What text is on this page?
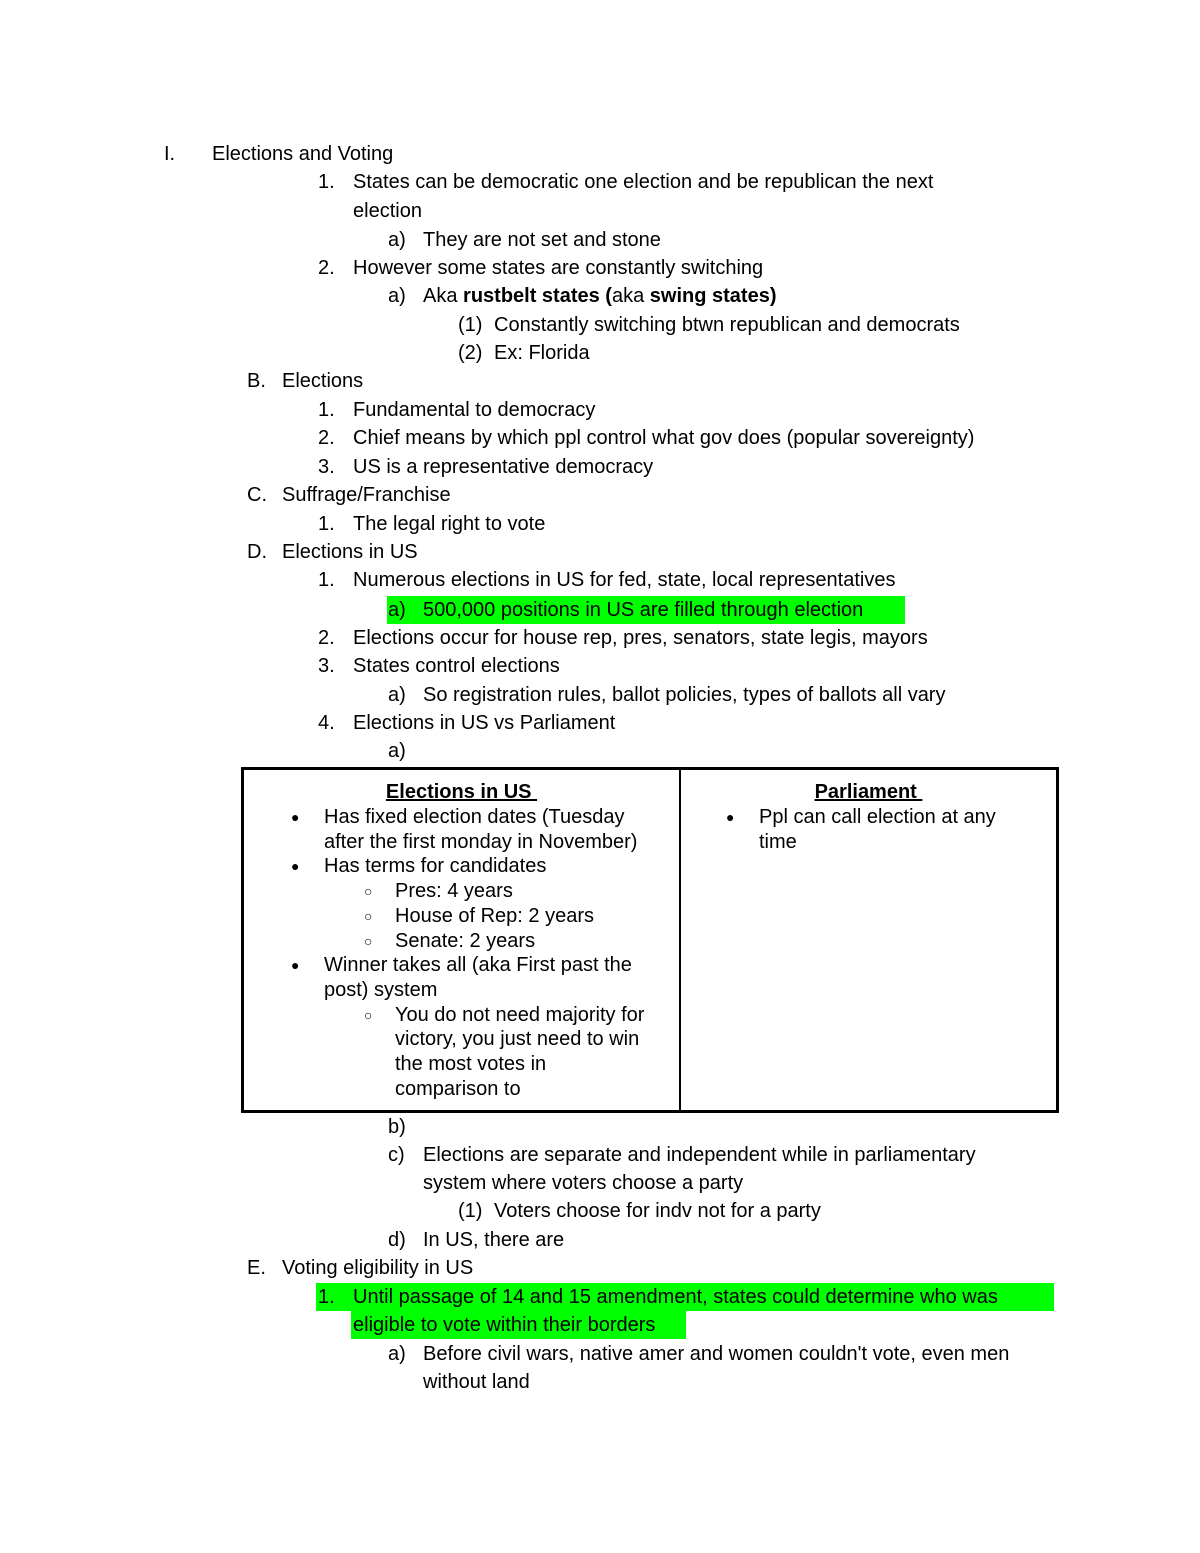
I. Elections and Voting
1. States can be democratic one election and be republican the next
election
a) They are not set and stone
2. However some states are constantly switching
a) Aka rustbelt states (aka swing states)
(1) Constantly switching btwn republican and democrats
(2) Ex: Florida
B. Elections
1. Fundamental to democracy
2. Chief means by which ppl control what gov does (popular sovereignty)
3. US is a representative democracy
C. Suffrage/Franchise
1. The legal right to vote
D. Elections in US
1. Numerous elections in US for fed, state, local representatives
a) 500,000 positions in US are filled through election
2. Elections occur for house rep, pres, senators, state legis, mayors
3. States control elections
a) So registration rules, ballot policies, types of ballots all vary
4. Elections in US vs Parliament
a)
Elections in US
● Has fixed election dates (Tuesday
after the first monday in November)
● Has terms for candidates
○ Pres: 4 years
○ House of Rep: 2 years
○ Senate: 2 years
● Winner takes all (aka First past the
post) system
○ You do not need majority for
victory, you just need to win
the most votes in
comparison to
Parliament
● Ppl can call election at any
time
b)
c) Elections are separate and independent while in parliamentary
system where voters choose a party
(1) Voters choose for indv not for a party
d) In US, there are
E. Voting eligibility in US
1. Until passage of 14 and 15 amendment, states could determine who was
eligible to vote within their borders
a) Before civil wars, native amer and women couldn't vote, even men
without land
